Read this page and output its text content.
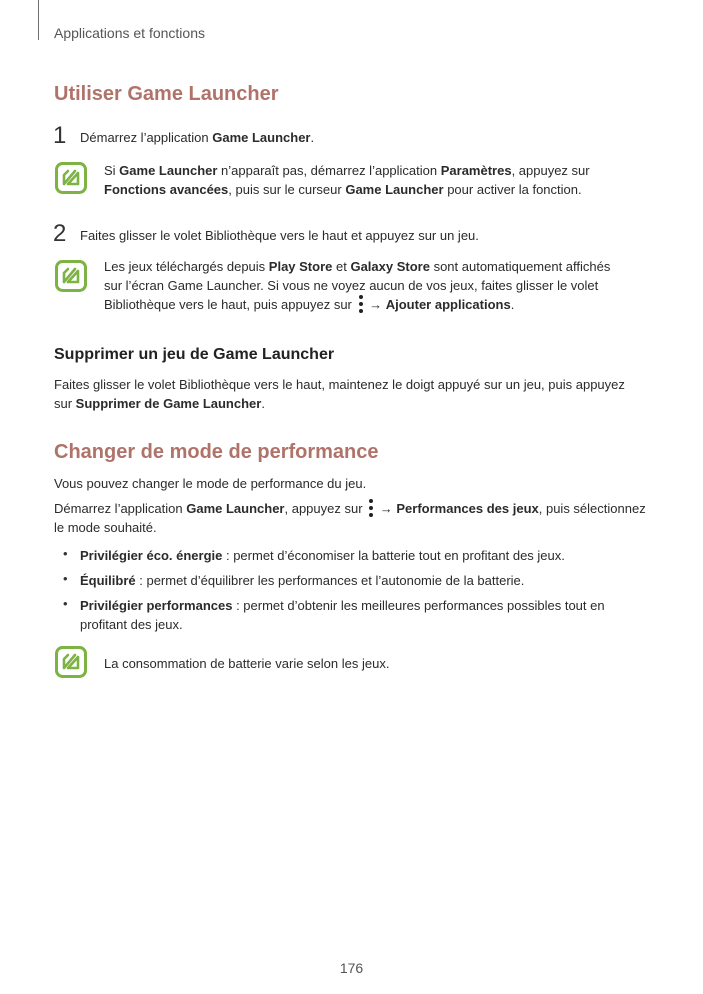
Applications et fonctions
Utiliser Game Launcher
1 Démarrez l’application Game Launcher.
Si Game Launcher n’apparaît pas, démarrez l’application Paramètres, appuyez sur
Fonctions avancées, puis sur le curseur Game Launcher pour activer la fonction.
2 Faites glisser le volet Bibliothèque vers le haut et appuyez sur un jeu.
Les jeux téléchargés depuis Play Store et Galaxy Store sont automatiquement affichés
sur l’écran Game Launcher. Si vous ne voyez aucun de vos jeux, faites glisser le volet
Bibliothèque vers le haut, puis appuyez sur
→ Ajouter applications.
Supprimer un jeu de Game Launcher
Faites glisser le volet Bibliothèque vers le haut, maintenez le doigt appuyé sur un jeu, puis appuyez
sur Supprimer de Game Launcher.
Changer de mode de performance
Vous pouvez changer le mode de performance du jeu.
Démarrez l’application Game Launcher, appuyez sur
→ Performances des jeux, puis sélectionnez
le mode souhaité.
• Privilégier éco. énergie : permet d’économiser la batterie tout en profitant des jeux.
• Équilibré : permet d’équilibrer les performances et l’autonomie de la batterie.
• Privilégier performances : permet d’obtenir les meilleures performances possibles tout en
profitant des jeux.
La consommation de batterie varie selon les jeux.
176
